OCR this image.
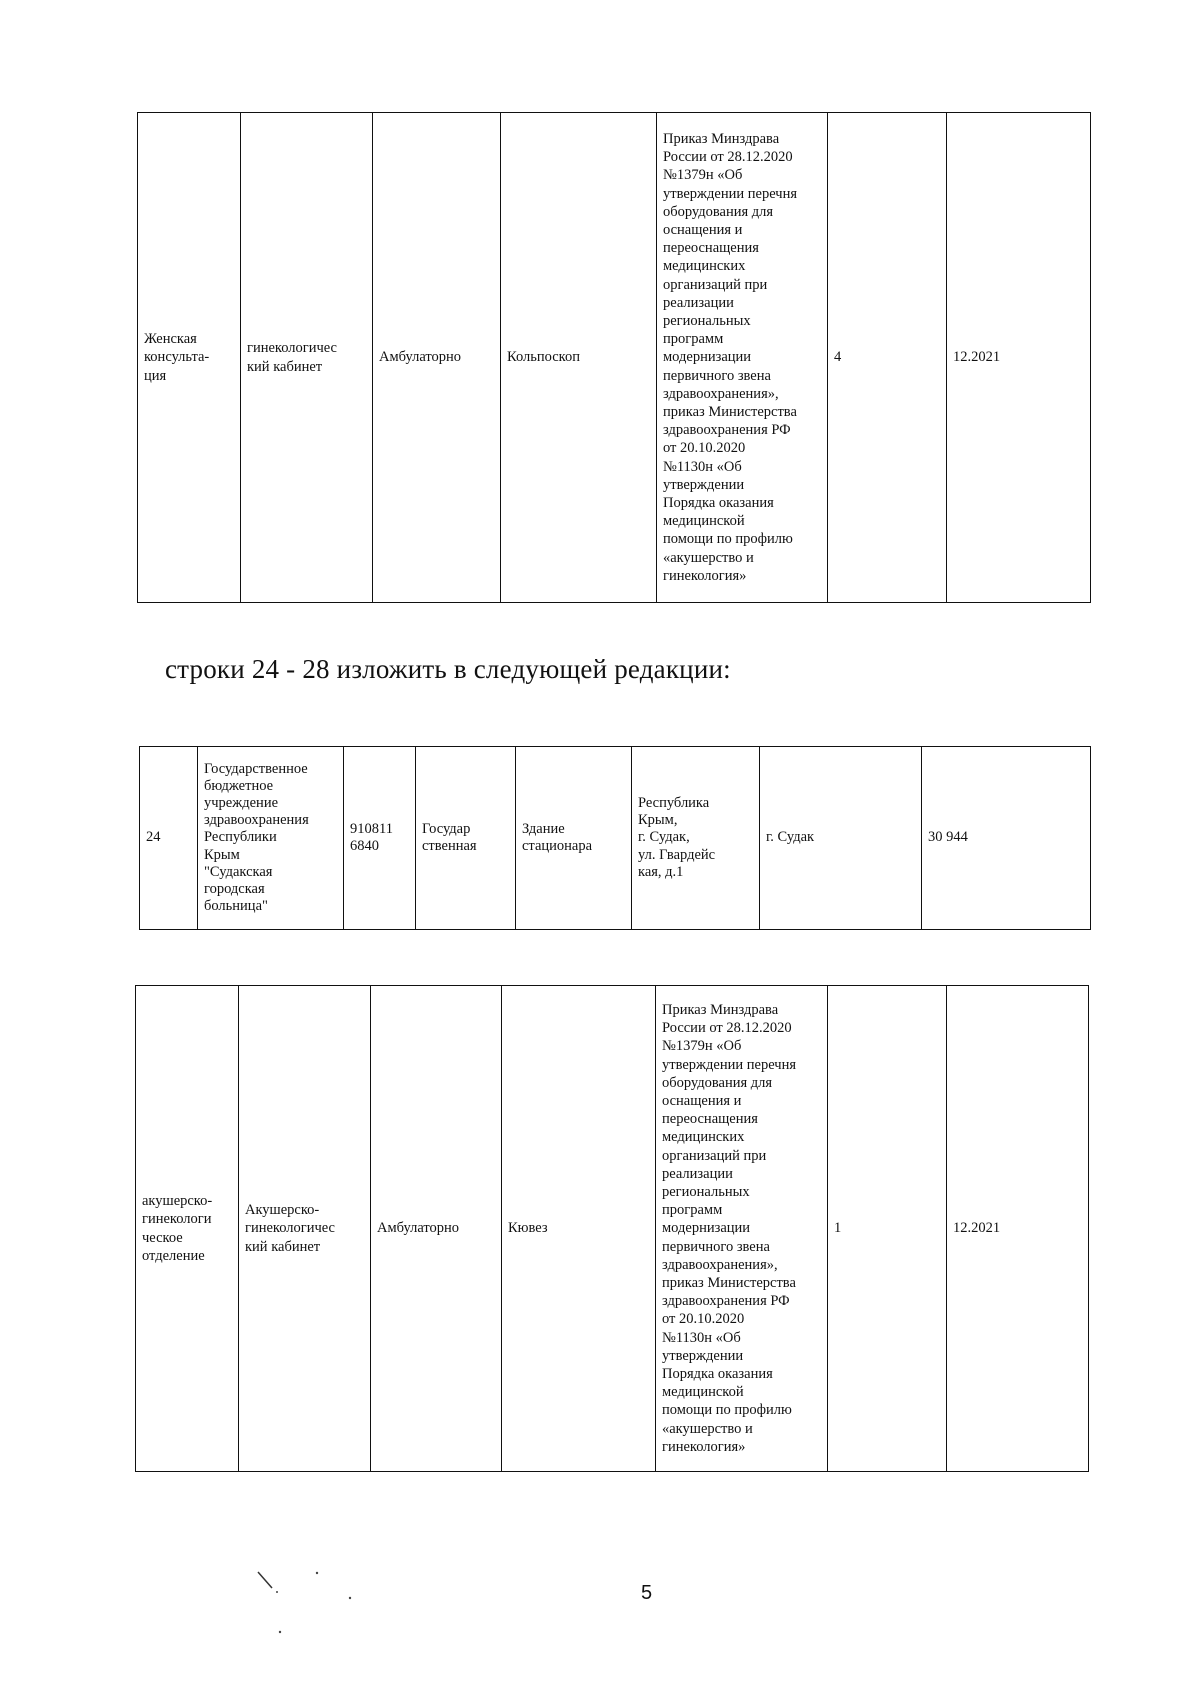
Женская
консульта-
ция	гинекологичес
кий кабинет	Амбулаторно	Кольпоскоп	Приказ Минздрава
России от 28.12.2020
№1379н «Об
утверждении перечня
оборудования для
оснащения и
переоснащения
медицинских
организаций при
реализации
региональных
программ
модернизации
первичного звена
здравоохранения»,
приказ Министерства
здравоохранения РФ
от 20.10.2020
№1130н «Об
утверждении
Порядка оказания
медицинской
помощи по профилю
«акушерство и
гинекология»	4	12.2021
строки 24 - 28 изложить в следующей редакции:
24	Государственное
бюджетное
учреждение
здравоохранения
Республики
Крым
"Судакская
городская
больница"	910811
6840	Государ
ственная	Здание
стационара	Республика
Крым,
г. Судак,
ул. Гвардейс
кая, д.1	г. Судак	30 944
акушерско-
гинекологи
ческое
отделение	Акушерско-
гинекологичес
кий кабинет	Амбулаторно	Кювез	Приказ Минздрава
России от 28.12.2020
№1379н «Об
утверждении перечня
оборудования для
оснащения и
переоснащения
медицинских
организаций при
реализации
региональных
программ
модернизации
первичного звена
здравоохранения»,
приказ Министерства
здравоохранения РФ
от 20.10.2020
№1130н «Об
утверждении
Порядка оказания
медицинской
помощи по профилю
«акушерство и
гинекология»	1	12.2021
5
